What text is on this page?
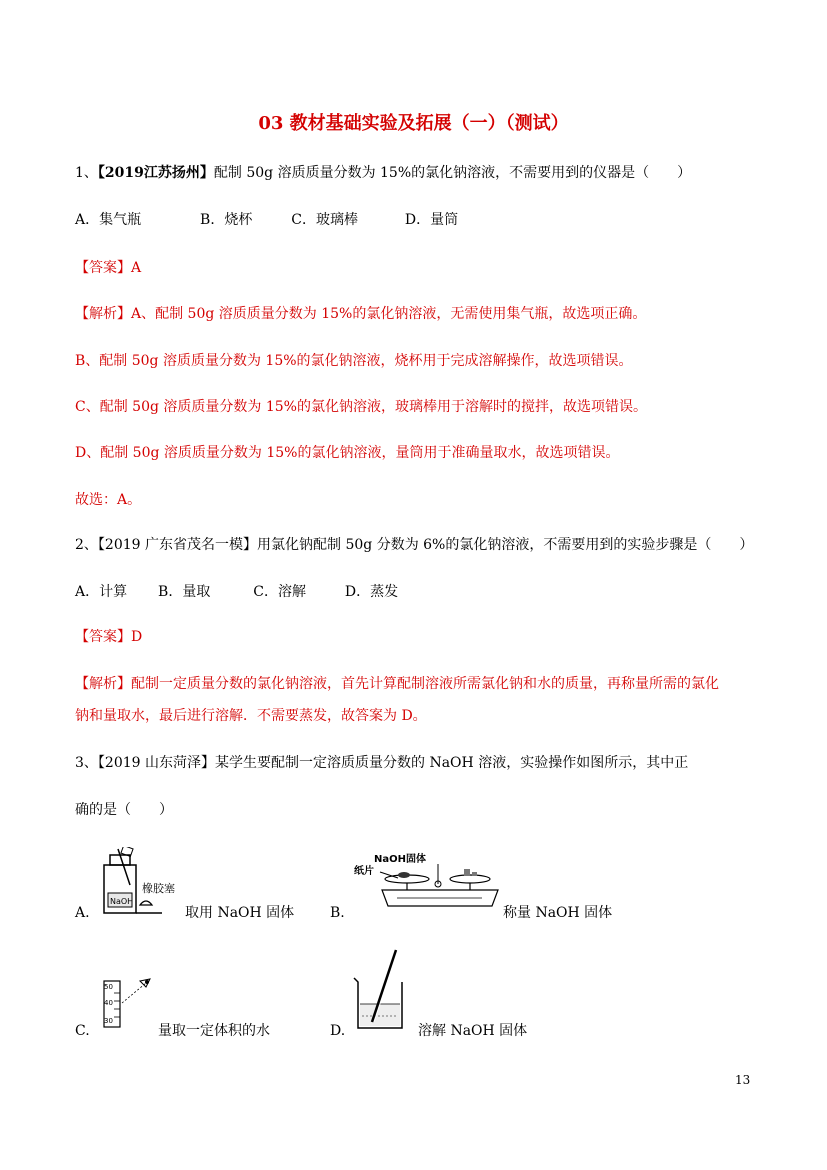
03 教材基础实验及拓展（一）（测试）
1、【2019江苏扬州】配制 50g 溶质质量分数为 15%的氯化钠溶液，不需要用到的仪器是（　　）
A．集气瓶	B．烧杯	C．玻璃棒	D．量筒
【答案】A
【解析】A、配制 50g 溶质质量分数为 15%的氯化钠溶液，无需使用集气瓶，故选项正确。
B、配制 50g 溶质质量分数为 15%的氯化钠溶液，烧杯用于完成溶解操作，故选项错误。
C、配制 50g 溶质质量分数为 15%的氯化钠溶液，玻璃棒用于溶解时的搅拌，故选项错误。
D、配制 50g 溶质质量分数为 15%的氯化钠溶液，量筒用于准确量取水，故选项错误。
故选：A。
2、【2019 广东省茂名一模】用氯化钠配制 50g 分数为 6%的氯化钠溶液，不需要用到的实验步骤是（　　）
A．计算 B．量取	C．溶解	D．蒸发
【答案】D
【解析】配制一定质量分数的氯化钠溶液，首先计算配制溶液所需氯化钠和水的质量，再称量所需的氯化
钠和量取水，最后进行溶解．不需要蒸发，故答案为 D。
3、【2019 山东菏泽】某学生要配制一定溶质质量分数的 NaOH 溶液，实验操作如图所示，其中正
确的是（　　）
A.
NaOH
橡胶塞
取用 NaOH 固体	B.
NaOH固体
纸片
称量 NaOH 固体
C.
50
40
30
量取一定体积的水	D.	溶解 NaOH 固体
13
